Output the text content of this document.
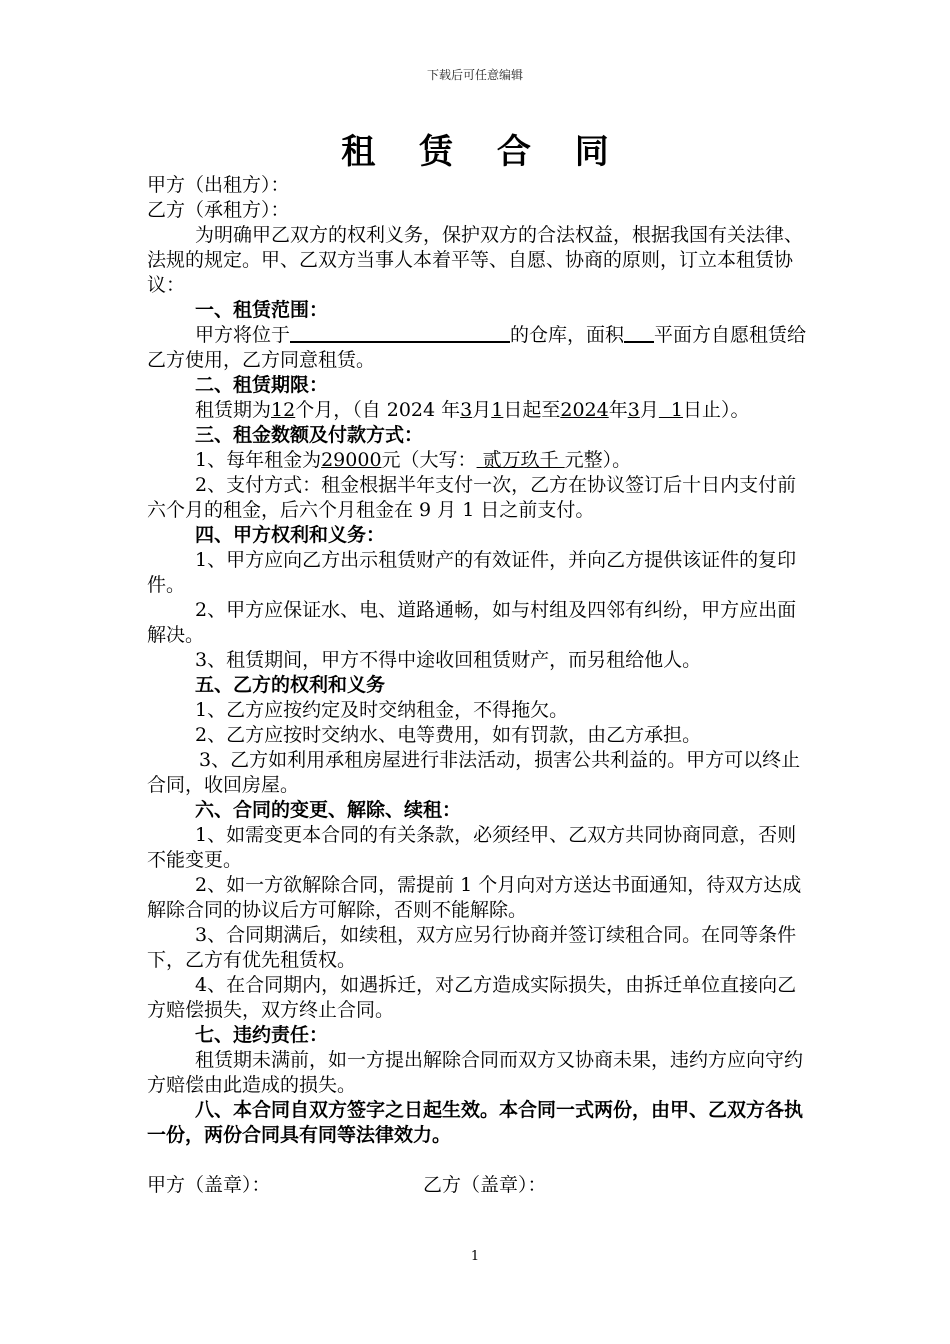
下载后可任意编辑
租 赁 合 同

甲方（出租方）：

乙方（承租方）：

为明确甲乙双方的权利义务，保护双方的合法权益，根据我国有关法律、法规的规定。甲、乙双方当事人本着平等、自愿、协商的原则，订立本租赁协议：

一、租赁范围：

甲方将位于	的仓库，面积 平面方自愿租赁给乙方使用，乙方同意租赁。

二、租赁期限：

租赁期为12个月，（自 2024 年3月1日起至2024年3月  1日止）。

三、租金数额及付款方式：

1、每年租金为29000元（大写： 贰万玖千 元整）。

2、支付方式：租金根据半年支付一次，乙方在协议签订后十日内支付前六个月的租金，后六个月租金在 9 月 1 日之前支付。

四、甲方权利和义务：

1、甲方应向乙方出示租赁财产的有效证件，并向乙方提供该证件的复印件。

2、甲方应保证水、电、道路通畅，如与村组及四邻有纠纷，甲方应出面解决。

3、租赁期间，甲方不得中途收回租赁财产，而另租给他人。

五、乙方的权利和义务

1、乙方应按约定及时交纳租金，不得拖欠。

2、乙方应按时交纳水、电等费用，如有罚款，由乙方承担。

3、乙方如利用承租房屋进行非法活动，损害公共利益的。甲方可以终止合同，收回房屋。

六、合同的变更、解除、续租：

1、如需变更本合同的有关条款，必须经甲、乙双方共同协商同意，否则不能变更。

2、如一方欲解除合同，需提前 1 个月向对方送达书面通知，待双方达成解除合同的协议后方可解除，否则不能解除。

3、合同期满后，如续租，双方应另行协商并签订续租合同。在同等条件下，乙方有优先租赁权。

4、在合同期内，如遇拆迁，对乙方造成实际损失，由拆迁单位直接向乙方赔偿损失，双方终止合同。

七、违约责任：

租赁期未满前，如一方提出解除合同而双方又协商未果，违约方应向守约方赔偿由此造成的损失。

八、本合同自双方签字之日起生效。本合同一式两份，由甲、乙双方各执一份，两份合同具有同等法律效力。

甲方（盖章）：	乙方（盖章）：

1
